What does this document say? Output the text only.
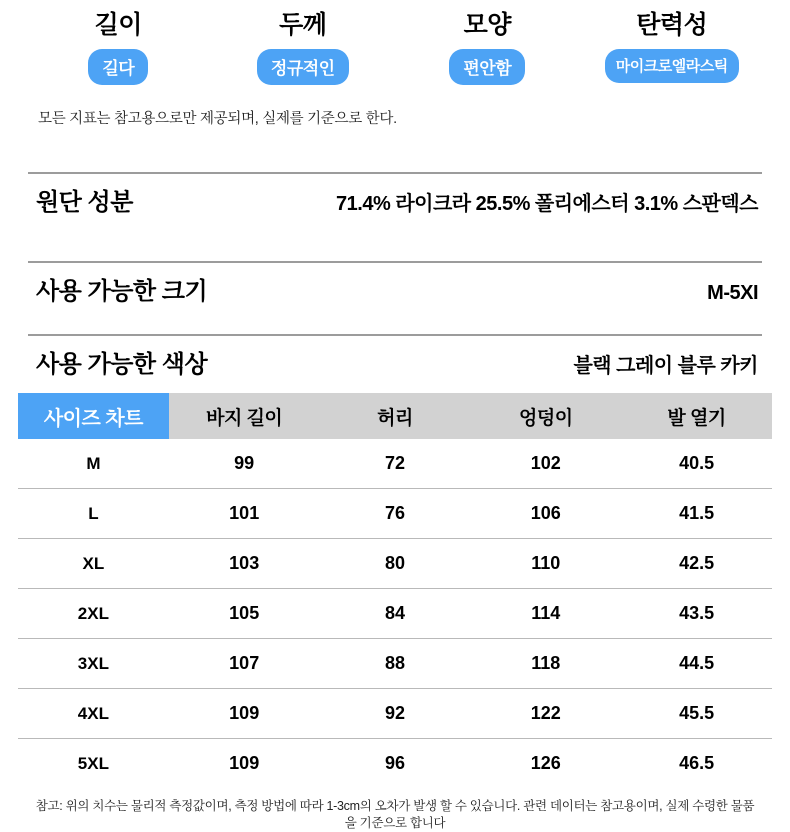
길이
길다
두께
정규적인
모양
편안함
탄력성
마이크로엘라스틱
모든 지표는 참고용으로만 제공되며, 실제를 기준으로 한다.
원단 성분	71.4% 라이크라 25.5% 폴리에스터 3.1% 스판덱스
사용 가능한 크기	M-5XI
사용 가능한 색상	블랙 그레이 블루 카키
사이즈 차트	바지 길이	허리	엉덩이	발 열기
M	99	72	102	40.5
L	101	76	106	41.5
XL	103	80	110	42.5
2XL	105	84	114	43.5
3XL	107	88	118	44.5
4XL	109	92	122	45.5
5XL	109	96	126	46.5
참고: 위의 치수는 물리적 측정값이며, 측정 방법에 따라 1-3cm의 오차가 발생 할 수 있습니다. 관련 데이터는 참고용이며, 실제 수령한 물품을 기준으로 합니다
